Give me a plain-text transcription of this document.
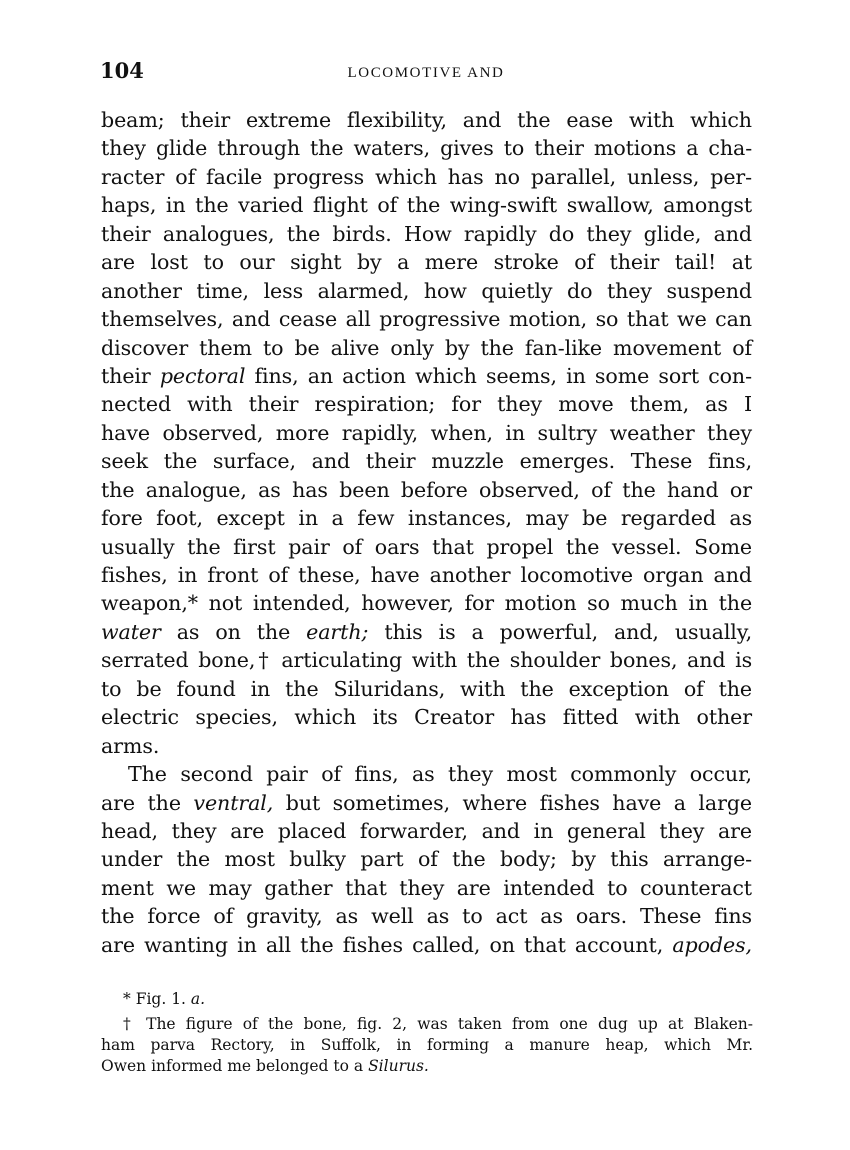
104	LOCOMOTIVE AND
beam; their extreme flexibility, and the ease with which
they glide through the waters, gives to their motions a cha-
racter of facile progress which has no parallel, unless, per-
haps, in the varied flight of the wing-swift swallow, amongst
their analogues, the birds. How rapidly do they glide, and
are lost to our sight by a mere stroke of their tail! at
another time, less alarmed, how quietly do they suspend
themselves, and cease all progressive motion, so that we can
discover them to be alive only by the fan-like movement of
their pectoral fins, an action which seems, in some sort con-
nected with their respiration; for they move them, as I
have observed, more rapidly, when, in sultry weather they
seek the surface, and their muzzle emerges. These fins,
the analogue, as has been before observed, of the hand or
fore foot, except in a few instances, may be regarded as
usually the first pair of oars that propel the vessel. Some
fishes, in front of these, have another locomotive organ and
weapon,* not intended, however, for motion so much in the
water as on the earth; this is a powerful, and, usually,
serrated bone,† articulating with the shoulder bones, and is
to be found in the Siluridans, with the exception of the
electric species, which its Creator has fitted with other
arms.
The second pair of fins, as they most commonly occur,
are the ventral, but sometimes, where fishes have a large
head, they are placed forwarder, and in general they are
under the most bulky part of the body; by this arrange-
ment we may gather that they are intended to counteract
the force of gravity, as well as to act as oars. These fins
are wanting in all the fishes called, on that account, apodes,
* Fig. 1. a.
† The figure of the bone, fig. 2, was taken from one dug up at Blaken-
ham parva Rectory, in Suffolk, in forming a manure heap, which Mr.
Owen informed me belonged to a Silurus.
